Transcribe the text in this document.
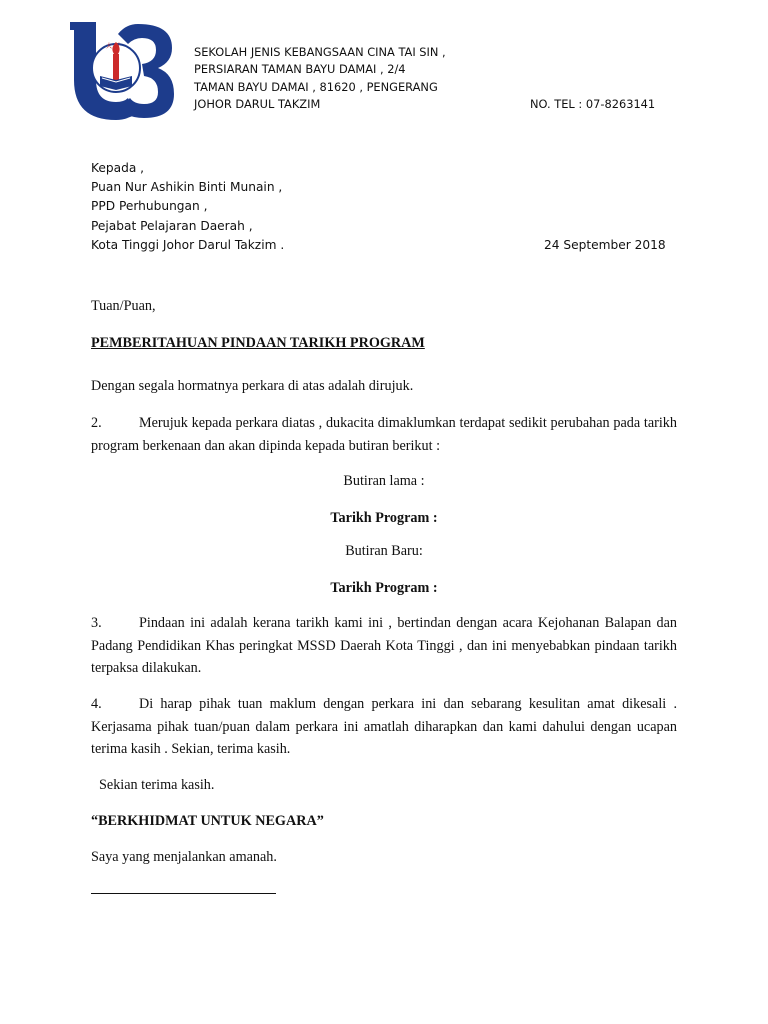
大 新	SEKOLAH JENIS KEBANGSAAN CINA TAI SIN ,
PERSIARAN TAMAN BAYU DAMAI , 2/4
TAMAN BAYU DAMAI , 81620 , PENGERANG
JOHOR DARUL TAKZIM	NO. TEL : 07-8263141
Kepada ,
Puan Nur Ashikin Binti Munain ,
PPD Perhubungan ,
Pejabat Pelajaran Daerah ,
Kota Tinggi Johor Darul Takzim .	24 September 2018

Tuan/Puan,

PEMBERITAHUAN PINDAAN TARIKH PROGRAM

Dengan segala hormatnya perkara di atas adalah dirujuk.

2.	Merujuk kepada perkara diatas , dukacita dimaklumkan terdapat sedikit perubahan pada tarikh program berkenaan dan akan dipinda kepada butiran berikut :

Butiran lama :

Tarikh Program :

Butiran Baru:

Tarikh Program :

3.	Pindaan ini adalah kerana tarikh kami ini , bertindan dengan acara Kejohanan Balapan dan Padang Pendidikan Khas peringkat MSSD Daerah Kota Tinggi , dan ini menyebabkan pindaan tarikh terpaksa dilakukan.

4.	Di harap pihak tuan maklum dengan perkara ini dan sebarang kesulitan amat dikesali . Kerjasama pihak tuan/puan dalam perkara ini amatlah diharapkan dan kami dahului dengan ucapan terima kasih . Sekian, terima kasih.

Sekian terima kasih.

“BERKHIDMAT UNTUK NEGARA”

Saya yang menjalankan amanah.
